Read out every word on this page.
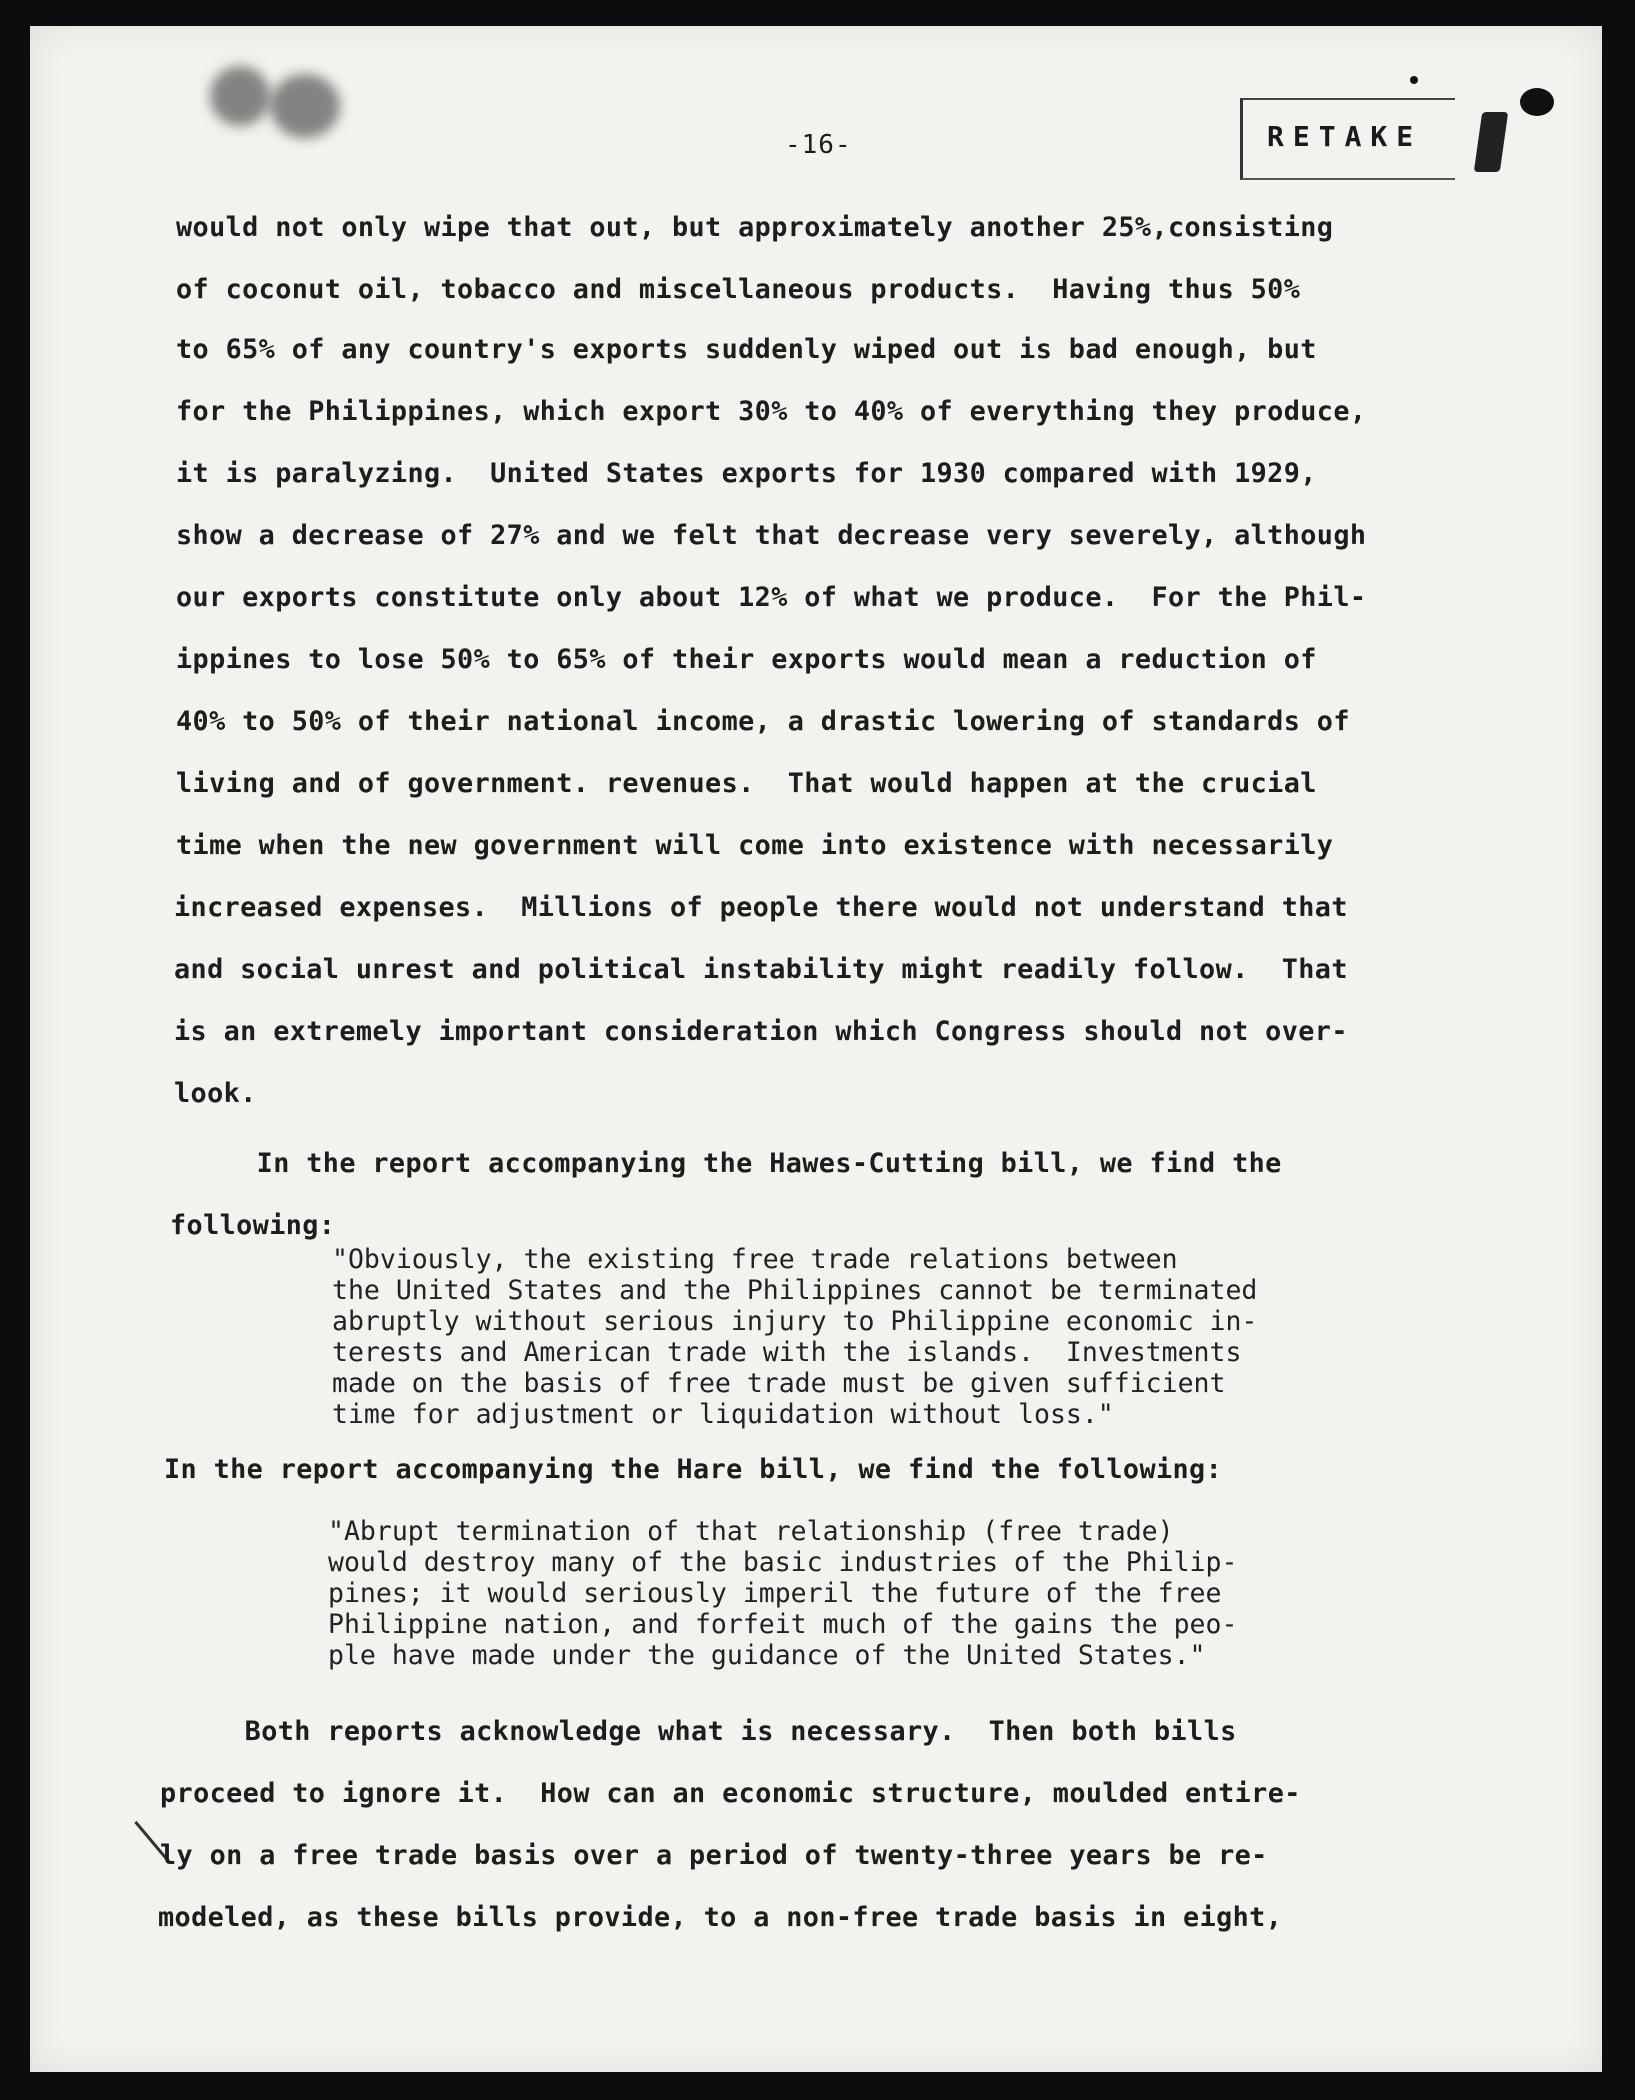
-16-	RETAKE
would not only wipe that out, but approximately another 25%,consisting
of coconut oil, tobacco and miscellaneous products.  Having thus 50%
to 65% of any country's exports suddenly wiped out is bad enough, but
for the Philippines, which export 30% to 40% of everything they produce,
it is paralyzing.  United States exports for 1930 compared with 1929,
show a decrease of 27% and we felt that decrease very severely, although
our exports constitute only about 12% of what we produce.  For the Phil-
ippines to lose 50% to 65% of their exports would mean a reduction of
40% to 50% of their national income, a drastic lowering of standards of
living and of government. revenues.  That would happen at the crucial
time when the new government will come into existence with necessarily
increased expenses.  Millions of people there would not understand that
and social unrest and political instability might readily follow.  That
is an extremely important consideration which Congress should not over-
look.
In the report accompanying the Hawes-Cutting bill, we find the
following:
"Obviously, the existing free trade relations between
the United States and the Philippines cannot be terminated
abruptly without serious injury to Philippine economic in-
terests and American trade with the islands.  Investments
made on the basis of free trade must be given sufficient
time for adjustment or liquidation without loss."
In the report accompanying the Hare bill, we find the following:
"Abrupt termination of that relationship (free trade)
would destroy many of the basic industries of the Philip-
pines; it would seriously imperil the future of the free
Philippine nation, and forfeit much of the gains the peo-
ple have made under the guidance of the United States."
Both reports acknowledge what is necessary.  Then both bills
proceed to ignore it.  How can an economic structure, moulded entire-
ly on a free trade basis over a period of twenty-three years be re-
modeled, as these bills provide, to a non-free trade basis in eight,
